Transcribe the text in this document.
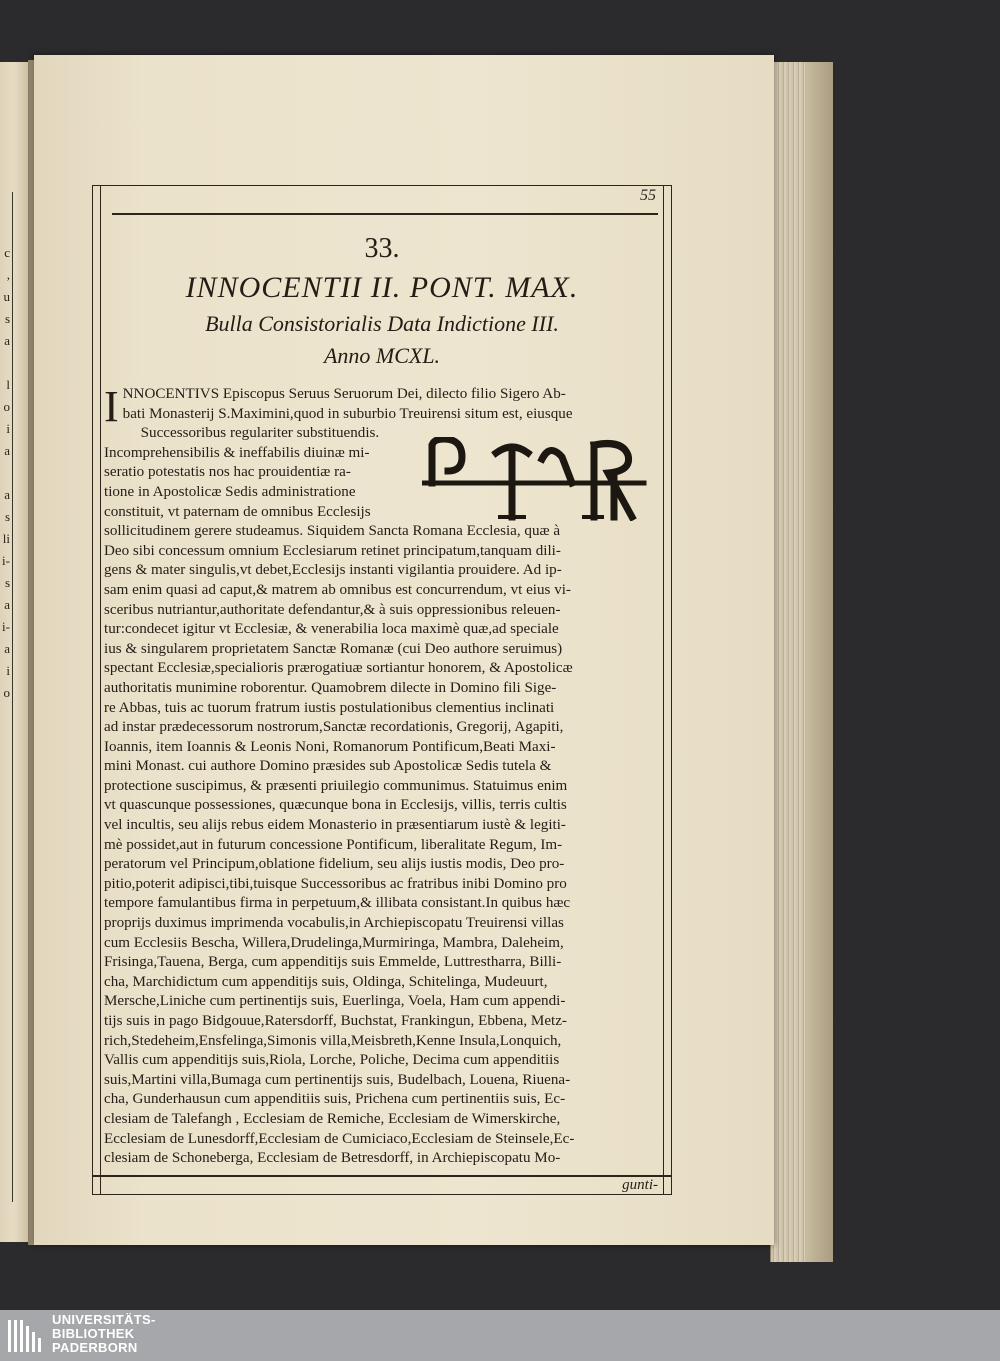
c
,
u
s
a

l
o
i
a

a
s
li
i-
s
a
i-
a
i
o
55
33.
INNOCENTII II. PONT. MAX.
Bulla Consistorialis Data Indictione III.
Anno MCXL.
I NNOCENTIVS Episcopus Seruus Seruorum Dei, dilecto filio Sigero Ab-
bati Monasterij S.Maximini,quod in suburbio Treuirensi situm est, eiusque
Successoribus regulariter substituendis.
Incomprehensibilis & ineffabilis diuinæ mi-
seratio potestatis nos hac prouidentiæ ra-
tione in Apostolicæ Sedis administratione
constituit, vt paternam de omnibus Ecclesijs
sollicitudinem gerere studeamus. Siquidem Sancta Romana Ecclesia, quæ à
Deo sibi concessum omnium Ecclesiarum retinet principatum,tanquam dili-
gens & mater singulis,vt debet,Ecclesijs instanti vigilantia prouidere. Ad ip-
sam enim quasi ad caput,& matrem ab omnibus est concurrendum, vt eius vi-
sceribus nutriantur,authoritate defendantur,& à suis oppressionibus releuen-
tur:condecet igitur vt Ecclesiæ, & venerabilia loca maximè quæ,ad speciale
ius & singularem proprietatem Sanctæ Romanæ (cui Deo authore seruimus)
spectant Ecclesiæ,specialioris prærogatiuæ sortiantur honorem, & Apostolicæ
authoritatis munimine roborentur. Quamobrem dilecte in Domino fili Sige-
re Abbas, tuis ac tuorum fratrum iustis postulationibus clementius inclinati
ad instar prædecessorum nostrorum,Sanctæ recordationis, Gregorij, Agapiti,
Ioannis, item Ioannis & Leonis Noni, Romanorum Pontificum,Beati Maxi-
mini Monast. cui authore Domino præsides sub Apostolicæ Sedis tutela &
protectione suscipimus, & præsenti priuilegio communimus. Statuimus enim
vt quascunque possessiones, quæcunque bona in Ecclesijs, villis, terris cultis
vel incultis, seu alijs rebus eidem Monasterio in præsentiarum iustè & legiti-
mè possidet,aut in futurum concessione Pontificum, liberalitate Regum, Im-
peratorum vel Principum,oblatione fidelium, seu alijs iustis modis, Deo pro-
pitio,poterit adipisci,tibi,tuisque Successoribus ac fratribus inibi Domino pro
tempore famulantibus firma in perpetuum,& illibata consistant.In quibus hæc
proprijs duximus imprimenda vocabulis,in Archiepiscopatu Treuirensi villas
cum Ecclesiis Bescha, Willera,Drudelinga,Murmiringa, Mambra, Daleheim,
Frisinga,Tauena, Berga, cum appenditijs suis Emmelde, Luttrestharra, Billi-
cha, Marchidictum cum appenditijs suis, Oldinga, Schitelinga, Mudeuurt,
Mersche,Liniche cum pertinentijs suis, Euerlinga, Voela, Ham cum appendi-
tijs suis in pago Bidgouue,Ratersdorff, Buchstat, Frankingun, Ebbena, Metz-
rich,Stedeheim,Ensfelinga,Simonis villa,Meisbreth,Kenne Insula,Lonquich,
Vallis cum appenditijs suis,Riola, Lorche, Poliche, Decima cum appenditiis
suis,Martini villa,Bumaga cum pertinentijs suis, Budelbach, Louena, Riuena-
cha, Gunderhausun cum appenditiis suis, Prichena cum pertinentiis suis, Ec-
clesiam de Talefangh , Ecclesiam de Remiche, Ecclesiam de Wimerskirche,
Ecclesiam de Lunesdorff,Ecclesiam de Cumiciaco,Ecclesiam de Steinsele,Ec-
clesiam de Schoneberga, Ecclesiam de Betresdorff, in Archiepiscopatu Mo-
gunti-
UNIVERSITÄTS-
BIBLIOTHEK
PADERBORN
